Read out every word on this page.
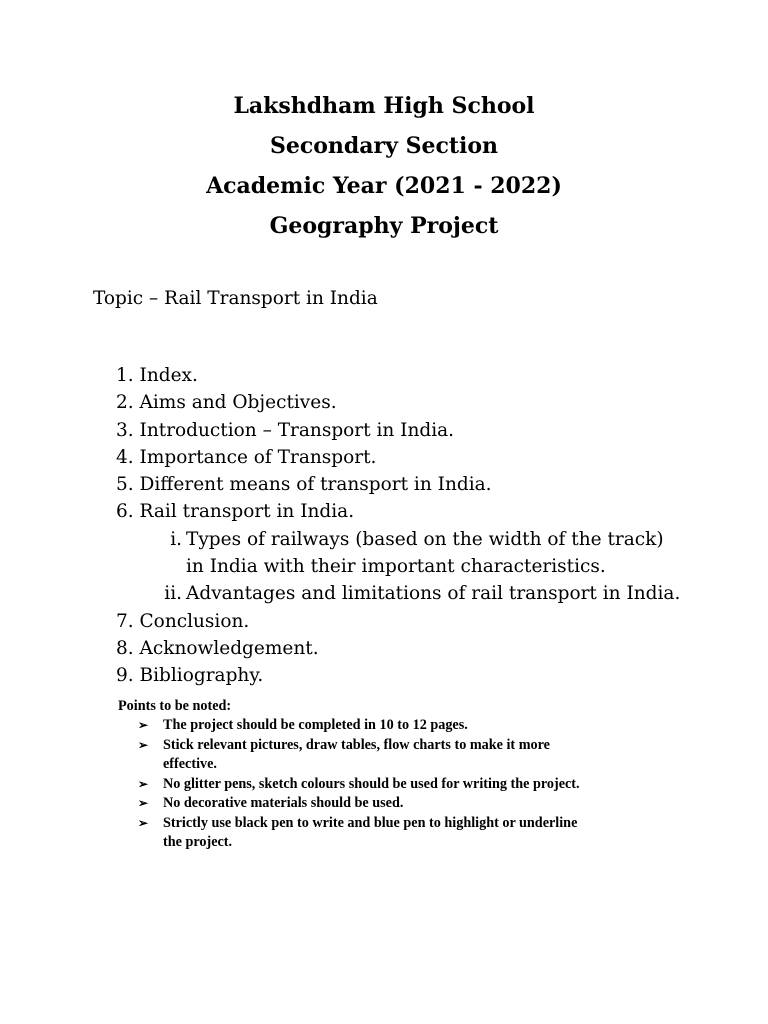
Lakshdham High School
Secondary Section
Academic Year (2021 - 2022)
Geography Project
Topic – Rail Transport in India
1. Index.
2. Aims and Objectives.
3. Introduction – Transport in India.
4. Importance of Transport.
5. Different means of transport in India.
6. Rail transport in India.
i. Types of railways (based on the width of the track)
in India with their important characteristics.
ii. Advantages and limitations of rail transport in India.
7. Conclusion.
8. Acknowledgement.
9. Bibliography.
Points to be noted:
➢ The project should be completed in 10 to 12 pages.
➢ Stick relevant pictures, draw tables, flow charts to make it more
effective.
➢ No glitter pens, sketch colours should be used for writing the project.
➢ No decorative materials should be used.
➢ Strictly use black pen to write and blue pen to highlight or underline
the project.
